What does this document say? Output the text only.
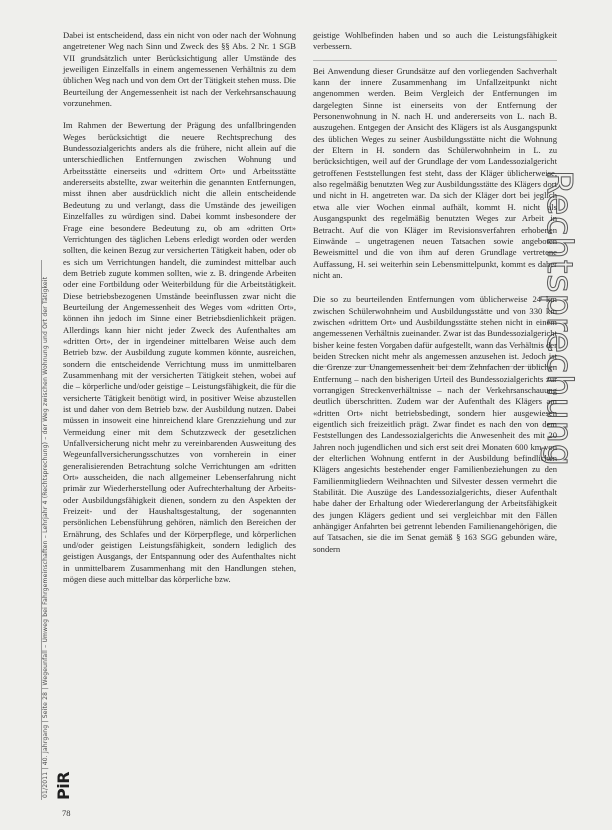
Rechtsprechung

Dabei ist entscheidend, dass ein nicht von oder nach der Wohnung angetretener Weg nach Sinn und Zweck des §§ Abs. 2 Nr. 1 SGB VII grundsätzlich unter Berücksichtigung aller Umstände des jeweiligen Einzelfalls in einem angemessenen Verhältnis zu dem üblichen Weg nach und von dem Ort der Tätigkeit stehen muss. Die Beurteilung der Angemessenheit ist nach der Verkehrsanschauung vorzunehmen.

Im Rahmen der Bewertung der Prägung des unfallbringenden Weges berücksichtigt die neuere Rechtsprechung des Bundessozialgerichts anders als die frühere, nicht allein auf die unterschiedlichen Entfernungen zwischen Wohnung und Arbeitsstätte einerseits und «drittem Ort» und Arbeitsstätte andererseits abstellte, zwar weiterhin die genannten Entfernungen, misst ihnen aber ausdrücklich nicht die allein entscheidende Bedeutung zu und verlangt, dass die Umstände des jeweiligen Einzelfalles zu würdigen sind. Dabei kommt insbesondere der Frage eine besondere Bedeutung zu, ob am «dritten Ort» Verrichtungen des täglichen Lebens erledigt worden oder werden sollten, die keinen Bezug zur versicherten Tätigkeit haben, oder ob es sich um Verrichtungen handelt, die zumindest mittelbar auch dem Betrieb zugute kommen sollten, wie z. B. dringende Arbeiten oder eine Fortbildung oder Weiterbildung für die Arbeitstätigkeit. Diese betriebsbezogenen Umstände beeinflussen zwar nicht die Beurteilung der Angemessenheit des Weges vom «dritten Ort», können ihn jedoch im Sinne einer Betriebsdienlichkeit prägen. Allerdings kann hier nicht jeder Zweck des Aufenthaltes am «dritten Ort», der in irgendeiner mittelbaren Weise auch dem Betrieb bzw. der Ausbildung zugute kommen könnte, ausreichen, sondern die entscheidende Verrichtung muss im unmittelbaren Zusammenhang mit der versicherten Tätigkeit stehen, wobei auf die – körperliche und/oder geistige – Leistungsfähigkeit, die für die versicherte Tätigkeit benötigt wird, in positiver Weise abzustellen ist und daher von dem Betrieb bzw. der Ausbildung nutzen. Dabei müssen in insoweit eine hinreichend klare Grenzziehung und zur Vermeidung einer mit dem Schutzzweck der gesetzlichen Unfallversicherung nicht mehr zu vereinbarenden Ausweitung des Wegeunfallversicherungsschutzes von vornherein in einer generalisierenden Betrachtung solche Verrichtungen am «dritten Ort» ausscheiden, die nach allgemeiner Lebenserfahrung nicht primär zur Wiederherstellung oder Aufrechterhaltung der Arbeits- oder Ausbildungsfähigkeit dienen, sondern zu den Aspekten der Freizeit- und der Haushaltsgestaltung, der sogenannten persönlichen Lebensführung gehören, nämlich den Bereichen der Ernährung, des Schlafes und der Körperpflege, und körperlichen und/oder geistigen Leistungsfähigkeit, sondern lediglich des geistigen Ausgangs, der Entspannung oder des Aufenthaltes nicht in unmittelbarem Zusammenhang mit den Handlungen stehen, mögen diese auch mittelbar das körperliche bzw.

geistige Wohlbefinden haben und so auch die Leistungsfähigkeit verbessern.

Bei Anwendung dieser Grundsätze auf den vorliegenden Sachverhalt kann der innere Zusammenhang im Unfallzeitpunkt nicht angenommen werden. Beim Vergleich der Entfernungen im dargelegten Sinne ist einerseits von der Entfernung der Personenwohnung in N. nach H. und andererseits von L. nach B. auszugehen. Entgegen der Ansicht des Klägers ist als Ausgangspunkt des üblichen Weges zu seiner Ausbildungsstätte nicht die Wohnung der Eltern in H. sondern das Schülerwohnheim in L. zu berücksichtigen, weil auf der Grundlage der vom Landessozialgericht getroffenen Feststellungen fest steht, dass der Kläger üblicherweise, also regelmäßig benutzten Weg zur Ausbildungsstätte des Klägers dort und nicht in H. angetreten war. Da sich der Kläger dort bei jeglich etwa alle vier Wochen einmal aufhält, kommt H. nicht als Ausgangspunkt des regelmäßig benutzten Weges zur Arbeit in Betracht. Auf die von Kläger im Revisionsverfahren erhobenen Einwände – ungetragenen neuen Tatsachen sowie angeboten Beweismittel und die von ihm auf deren Grundlage vertretene Auffassung, H. sei weiterhin sein Lebensmittelpunkt, kommt es daher nicht an.

Die so zu beurteilenden Entfernungen vom üblicherweise 24 km zwischen Schülerwohnheim und Ausbildungsstätte und von 330 km zwischen «drittem Ort» und Ausbildungsstätte stehen nicht in einem angemessenen Verhältnis zueinander. Zwar ist das Bundessozialgericht bisher keine festen Vorgaben dafür aufgestellt, wann das Verhältnis der beiden Strecken nicht mehr als angemessen anzusehen ist. Jedoch ist die Grenze zur Unangemessenheit bei dem Zehnfachen der üblichen Entfernung – nach den bisherigen Urteil des Bundessozialgerichts zur vorrangigen Streckenverhältnisse – nach der Verkehrsanschauung deutlich überschritten. Zudem war der Aufenthalt des Klägers am «dritten Ort» nicht betriebsbedingt, sondern hier ausgewiesen eigentlich sich freizeitlich prägt. Zwar findet es nach den von dem Feststellungen des Landessozialgerichts die Anwesenheit des mit 20 Jahren noch jugendlichen und sich erst seit drei Monaten 600 km von der elterlichen Wohnung entfernt in der Ausbildung befindlichen Klägers angesichts bestehender enger Familienbeziehungen zu den Familienmitgliedern Weihnachten und Silvester dessen vermehrt die Stabilität. Die Auszüge des Landessozialgerichts, dieser Aufenthalt habe daher der Erhaltung oder Wiedererlangung der Arbeitsfähigkeit des jungen Klägers gedient und sei vergleichbar mit den Fällen anhängiger Anfahrten bei getrennt lebenden Familienangehörigen, die auf Tatsachen, sie die im Senat gemäß § 163 SGG gebunden wäre, sondern

01/2011 | 40. Jahrgang | Seite 28 | Wegeunfall – Umweg bei Fahrgemeinschaften – Lehrjahr 4 (Rechtsprechung) – der Weg zwischen Wohnung und Ort der Tätigkeit PiR
78
